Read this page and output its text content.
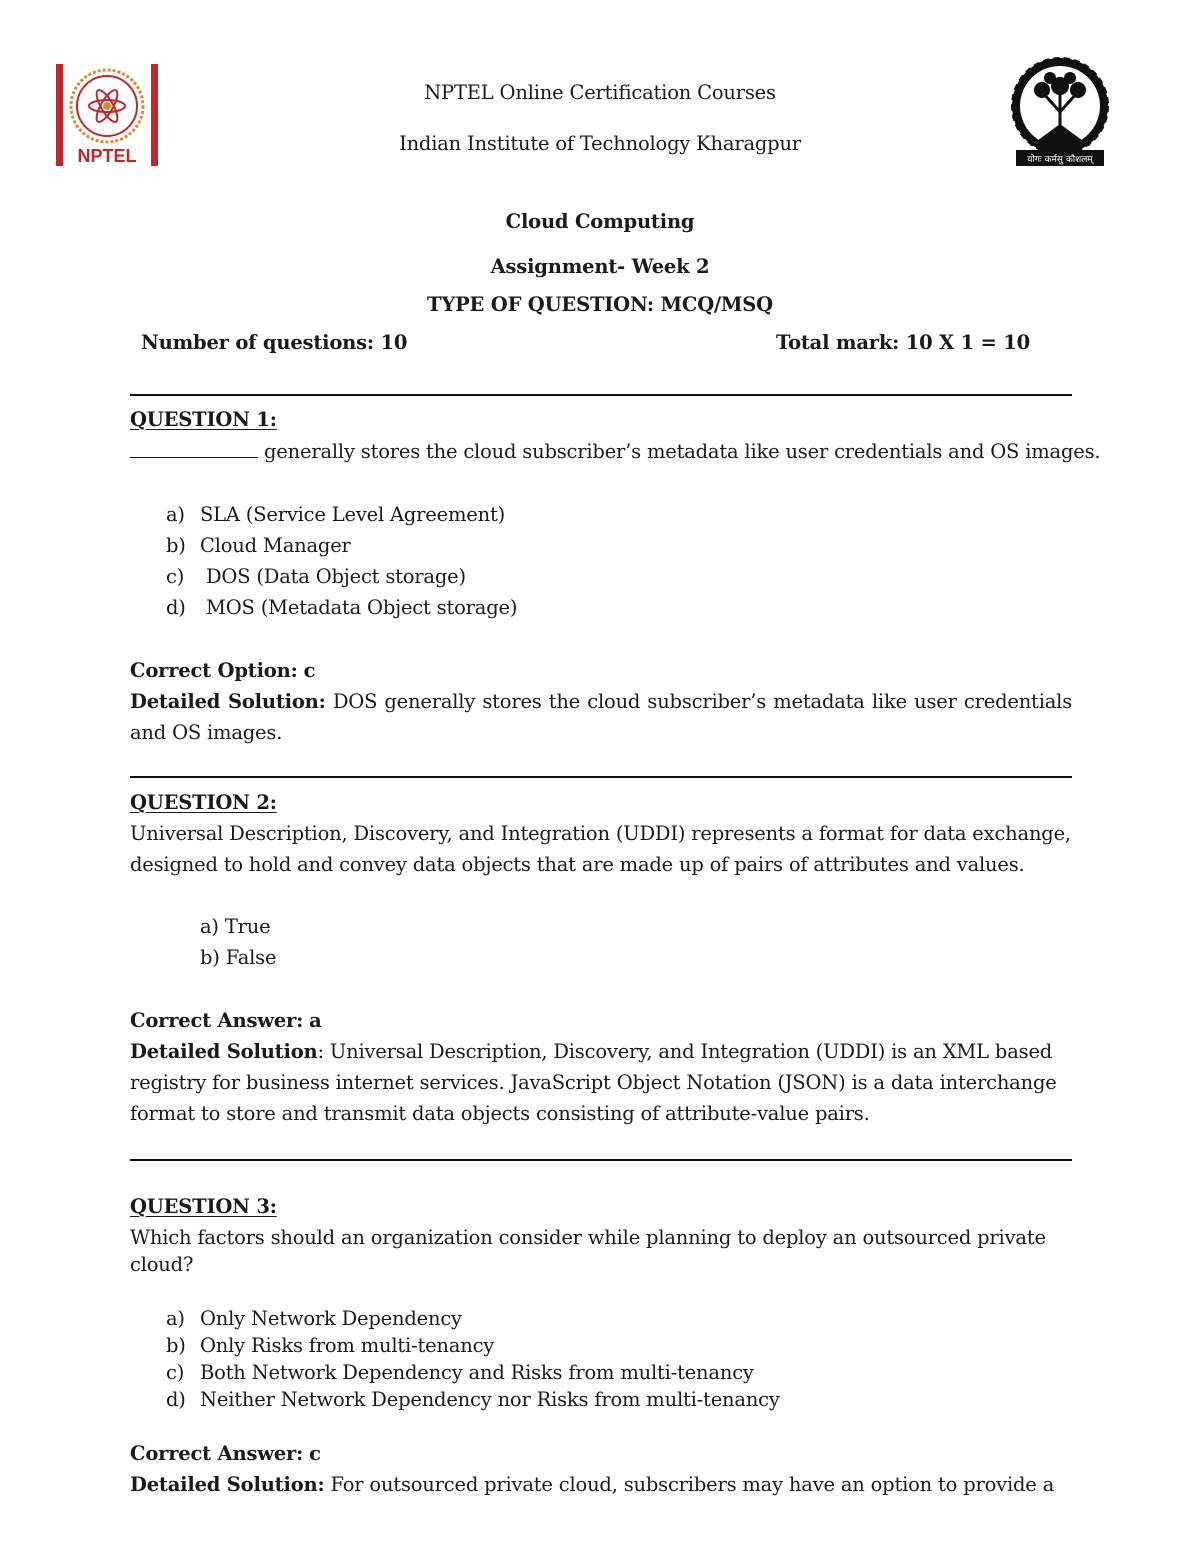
NPTEL	योगः कर्मसु कौशलम्
NPTEL Online Certification Courses
Indian Institute of Technology Kharagpur
Cloud Computing
Assignment- Week 2
TYPE OF QUESTION: MCQ/MSQ
Number of questions: 10	Total mark: 10 X 1 = 10
QUESTION 1:
generally stores the cloud subscriber’s metadata like user credentials and OS images.
a) SLA (Service Level Agreement)
b) Cloud Manager
c) DOS (Data Object storage)
d) MOS (Metadata Object storage)
Correct Option: c
Detailed Solution: DOS generally stores the cloud subscriber’s metadata like user credentials and OS images.
QUESTION 2:
Universal Description, Discovery, and Integration (UDDI) represents a format for data exchange,
designed to hold and convey data objects that are made up of pairs of attributes and values.
a) True
b) False
Correct Answer: a
Detailed Solution: Universal Description, Discovery, and Integration (UDDI) is an XML based
registry for business internet services. JavaScript Object Notation (JSON) is a data interchange
format to store and transmit data objects consisting of attribute-value pairs.
QUESTION 3:
Which factors should an organization consider while planning to deploy an outsourced private
cloud?
a) Only Network Dependency
b) Only Risks from multi-tenancy
c) Both Network Dependency and Risks from multi-tenancy
d) Neither Network Dependency nor Risks from multi-tenancy
Correct Answer: c
Detailed Solution: For outsourced private cloud, subscribers may have an option to provide a
